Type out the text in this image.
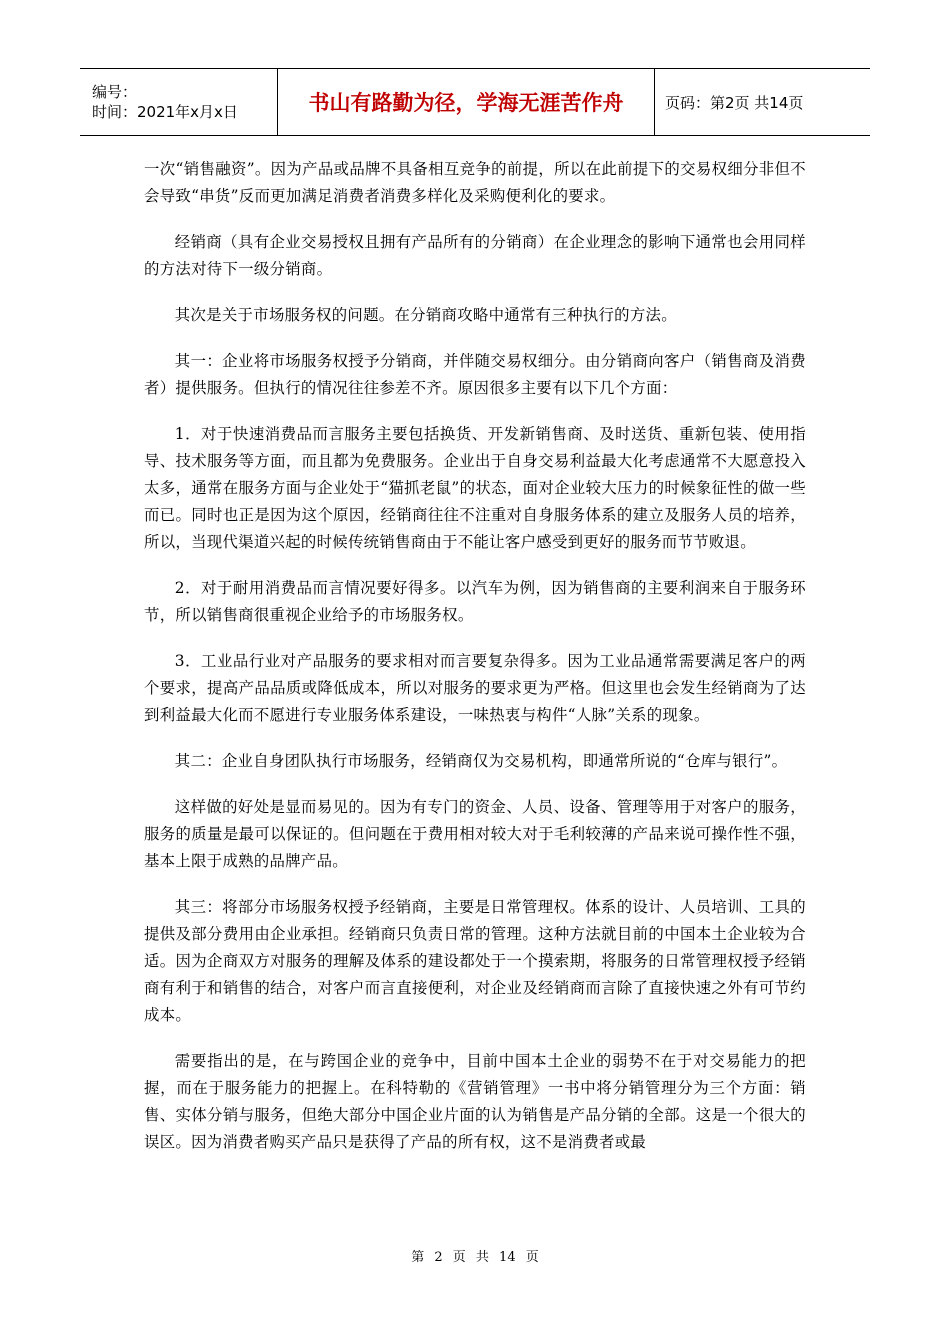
编号：
时间：2021年x月x日	书山有路勤为径，学海无涯苦作舟	页码：第2页 共14页

一次“销售融资”。因为产品或品牌不具备相互竞争的前提，所以在此前提下的交易权细分非但不会导致“串货”反而更加满足消费者消费多样化及采购便利化的要求。

经销商（具有企业交易授权且拥有产品所有的分销商）在企业理念的影响下通常也会用同样的方法对待下一级分销商。

其次是关于市场服务权的问题。在分销商攻略中通常有三种执行的方法。

其一：企业将市场服务权授予分销商，并伴随交易权细分。由分销商向客户（销售商及消费者）提供服务。但执行的情况往往参差不齐。原因很多主要有以下几个方面：

1．对于快速消费品而言服务主要包括换货、开发新销售商、及时送货、重新包装、使用指导、技术服务等方面，而且都为免费服务。企业出于自身交易利益最大化考虑通常不大愿意投入太多，通常在服务方面与企业处于“猫抓老鼠”的状态，面对企业较大压力的时候象征性的做一些而已。同时也正是因为这个原因，经销商往往不注重对自身服务体系的建立及服务人员的培养，所以，当现代渠道兴起的时候传统销售商由于不能让客户感受到更好的服务而节节败退。

2．对于耐用消费品而言情况要好得多。以汽车为例，因为销售商的主要利润来自于服务环节，所以销售商很重视企业给予的市场服务权。

3．工业品行业对产品服务的要求相对而言要复杂得多。因为工业品通常需要满足客户的两个要求，提高产品品质或降低成本，所以对服务的要求更为严格。但这里也会发生经销商为了达到利益最大化而不愿进行专业服务体系建设，一味热衷与构件“人脉”关系的现象。

其二：企业自身团队执行市场服务，经销商仅为交易机构，即通常所说的“仓库与银行”。

这样做的好处是显而易见的。因为有专门的资金、人员、设备、管理等用于对客户的服务，服务的质量是最可以保证的。但问题在于费用相对较大对于毛利较薄的产品来说可操作性不强，基本上限于成熟的品牌产品。

其三：将部分市场服务权授予经销商，主要是日常管理权。体系的设计、人员培训、工具的提供及部分费用由企业承担。经销商只负责日常的管理。这种方法就目前的中国本土企业较为合适。因为企商双方对服务的理解及体系的建设都处于一个摸索期，将服务的日常管理权授予经销商有利于和销售的结合，对客户而言直接便利，对企业及经销商而言除了直接快速之外有可节约成本。

需要指出的是，在与跨国企业的竞争中，目前中国本土企业的弱势不在于对交易能力的把握，而在于服务能力的把握上。在科特勒的《营销管理》一书中将分销管理分为三个方面：销售、实体分销与服务，但绝大部分中国企业片面的认为销售是产品分销的全部。这是一个很大的误区。因为消费者购买产品只是获得了产品的所有权，这不是消费者或最

第 2 页 共 14 页
